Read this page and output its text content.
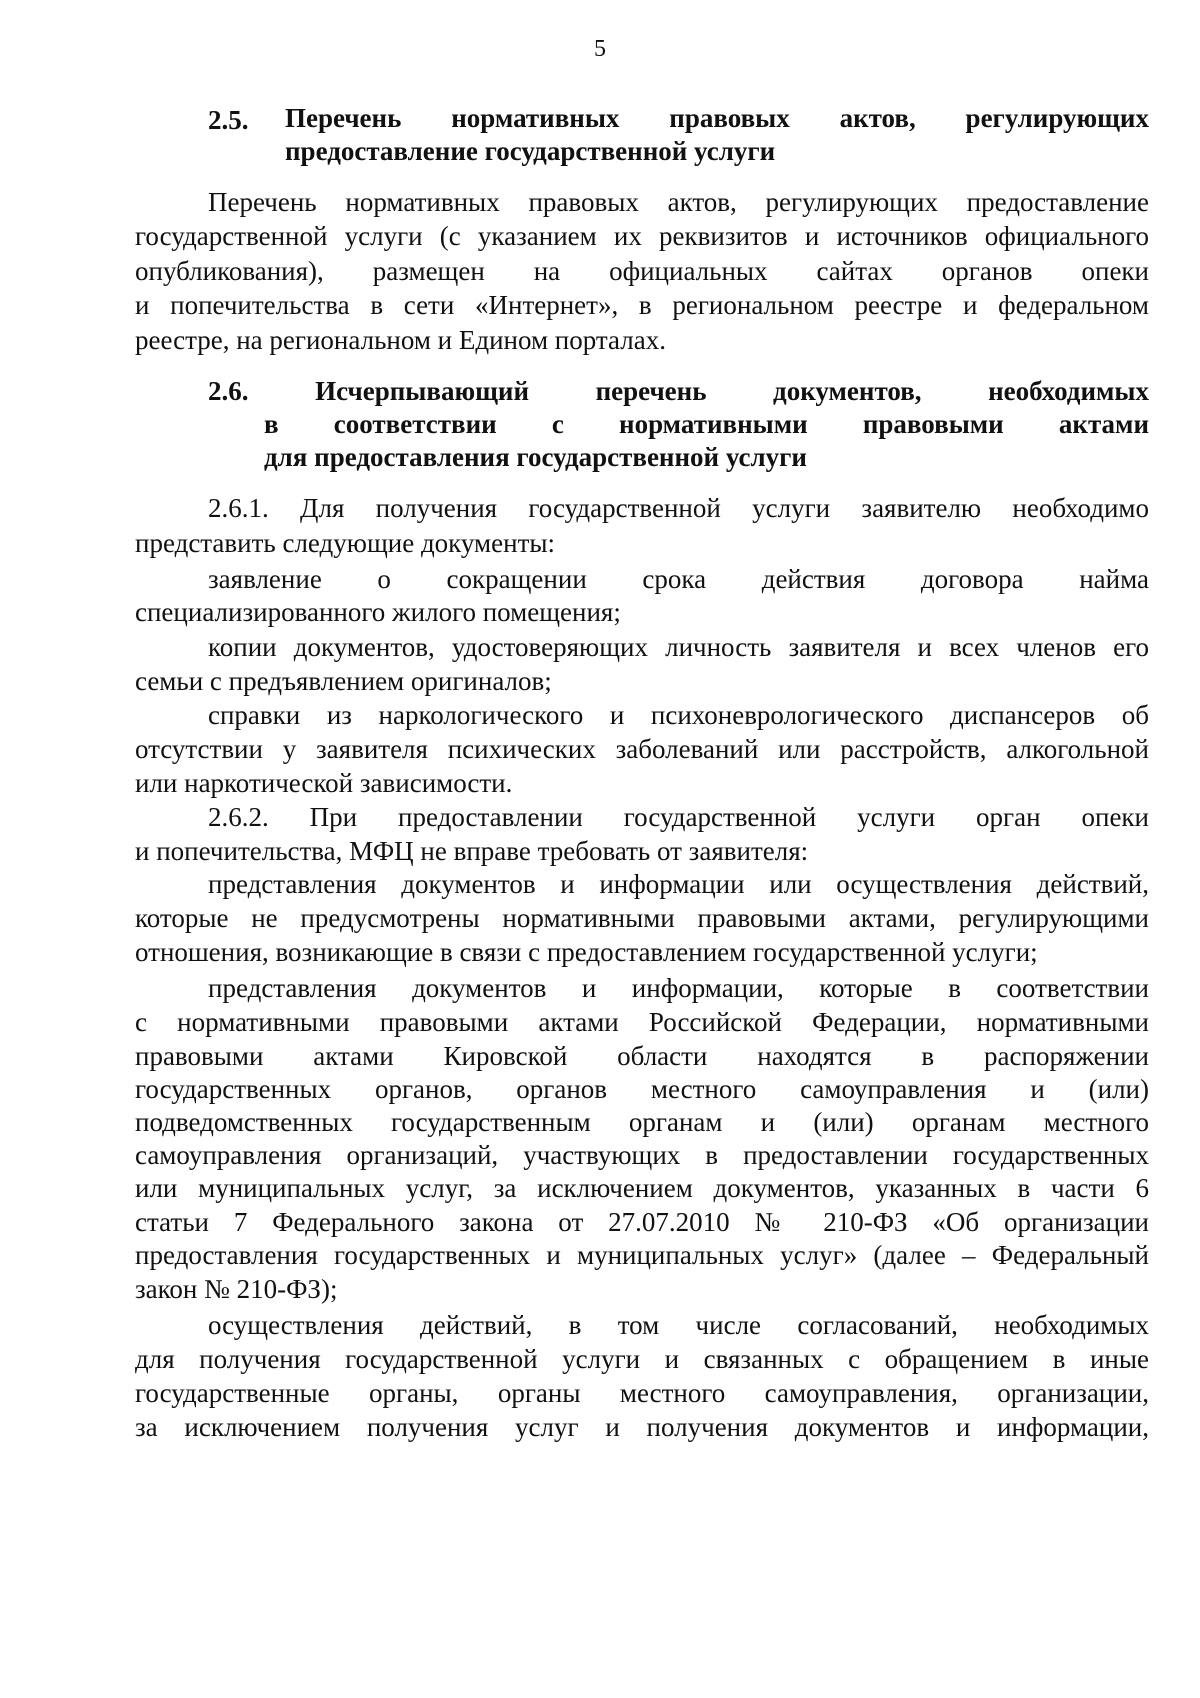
5
2.5. Перечень нормативных правовых актов, регулирующих
предоставление государственной услуги
Перечень нормативных правовых актов, регулирующих предоставление
государственной услуги (с указанием их реквизитов и источников официального
опубликования), размещен на официальных сайтах органов опеки
и попечительства в сети «Интернет», в региональном реестре и федеральном
реестре, на региональном и Едином порталах.
2.6. Исчерпывающий перечень документов, необходимых
в соответствии с нормативными правовыми актами
для предоставления государственной услуги
2.6.1. Для получения государственной услуги заявителю необходимо
представить следующие документы:
заявление о сокращении срока действия договора найма
специализированного жилого помещения;
копии документов, удостоверяющих личность заявителя и всех членов его
семьи с предъявлением оригиналов;
справки из наркологического и психоневрологического диспансеров об
отсутствии у заявителя психических заболеваний или расстройств, алкогольной
или наркотической зависимости.
2.6.2. При предоставлении государственной услуги орган опеки
и попечительства, МФЦ не вправе требовать от заявителя:
представления документов и информации или осуществления действий,
которые не предусмотрены нормативными правовыми актами, регулирующими
отношения, возникающие в связи с предоставлением государственной услуги;
представления документов и информации, которые в соответствии
с нормативными правовыми актами Российской Федерации, нормативными
правовыми актами Кировской области находятся в распоряжении
государственных органов, органов местного самоуправления и (или)
подведомственных государственным органам и (или) органам местного
самоуправления организаций, участвующих в предоставлении государственных
или муниципальных услуг, за исключением документов, указанных в части 6
статьи 7 Федерального закона от 27.07.2010 № 210-ФЗ «Об организации
предоставления государственных и муниципальных услуг» (далее – Федеральный
закон № 210-ФЗ);
осуществления действий, в том числе согласований, необходимых
для получения государственной услуги и связанных с обращением в иные
государственные органы, органы местного самоуправления, организации,
за исключением получения услуг и получения документов и информации,
